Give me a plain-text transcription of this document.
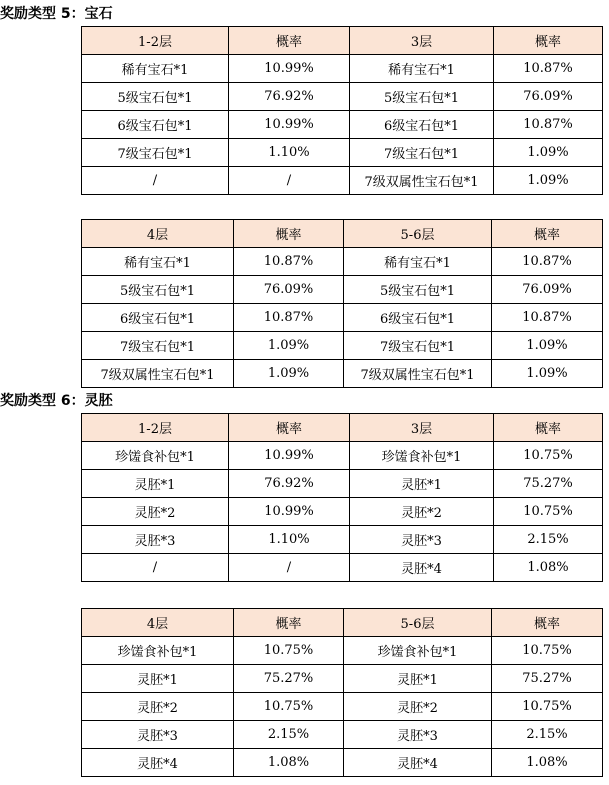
奖励类型 5：宝石
1-2层	概率	3层	概率
稀有宝石*1	10.99%	稀有宝石*1	10.87%
5级宝石包*1	76.92%	5级宝石包*1	76.09%
6级宝石包*1	10.99%	6级宝石包*1	10.87%
7级宝石包*1	1.10%	7级宝石包*1	1.09%
/	/	7级双属性宝石包*1	1.09%
4层	概率	5-6层	概率
稀有宝石*1	10.87%	稀有宝石*1	10.87%
5级宝石包*1	76.09%	5级宝石包*1	76.09%
6级宝石包*1	10.87%	6级宝石包*1	10.87%
7级宝石包*1	1.09%	7级宝石包*1	1.09%
7级双属性宝石包*1	1.09%	7级双属性宝石包*1	1.09%
奖励类型 6：灵胚
1-2层	概率	3层	概率
珍馐食补包*1	10.99%	珍馐食补包*1	10.75%
灵胚*1	76.92%	灵胚*1	75.27%
灵胚*2	10.99%	灵胚*2	10.75%
灵胚*3	1.10%	灵胚*3	2.15%
/	/	灵胚*4	1.08%
4层	概率	5-6层	概率
珍馐食补包*1	10.75%	珍馐食补包*1	10.75%
灵胚*1	75.27%	灵胚*1	75.27%
灵胚*2	10.75%	灵胚*2	10.75%
灵胚*3	2.15%	灵胚*3	2.15%
灵胚*4	1.08%	灵胚*4	1.08%
